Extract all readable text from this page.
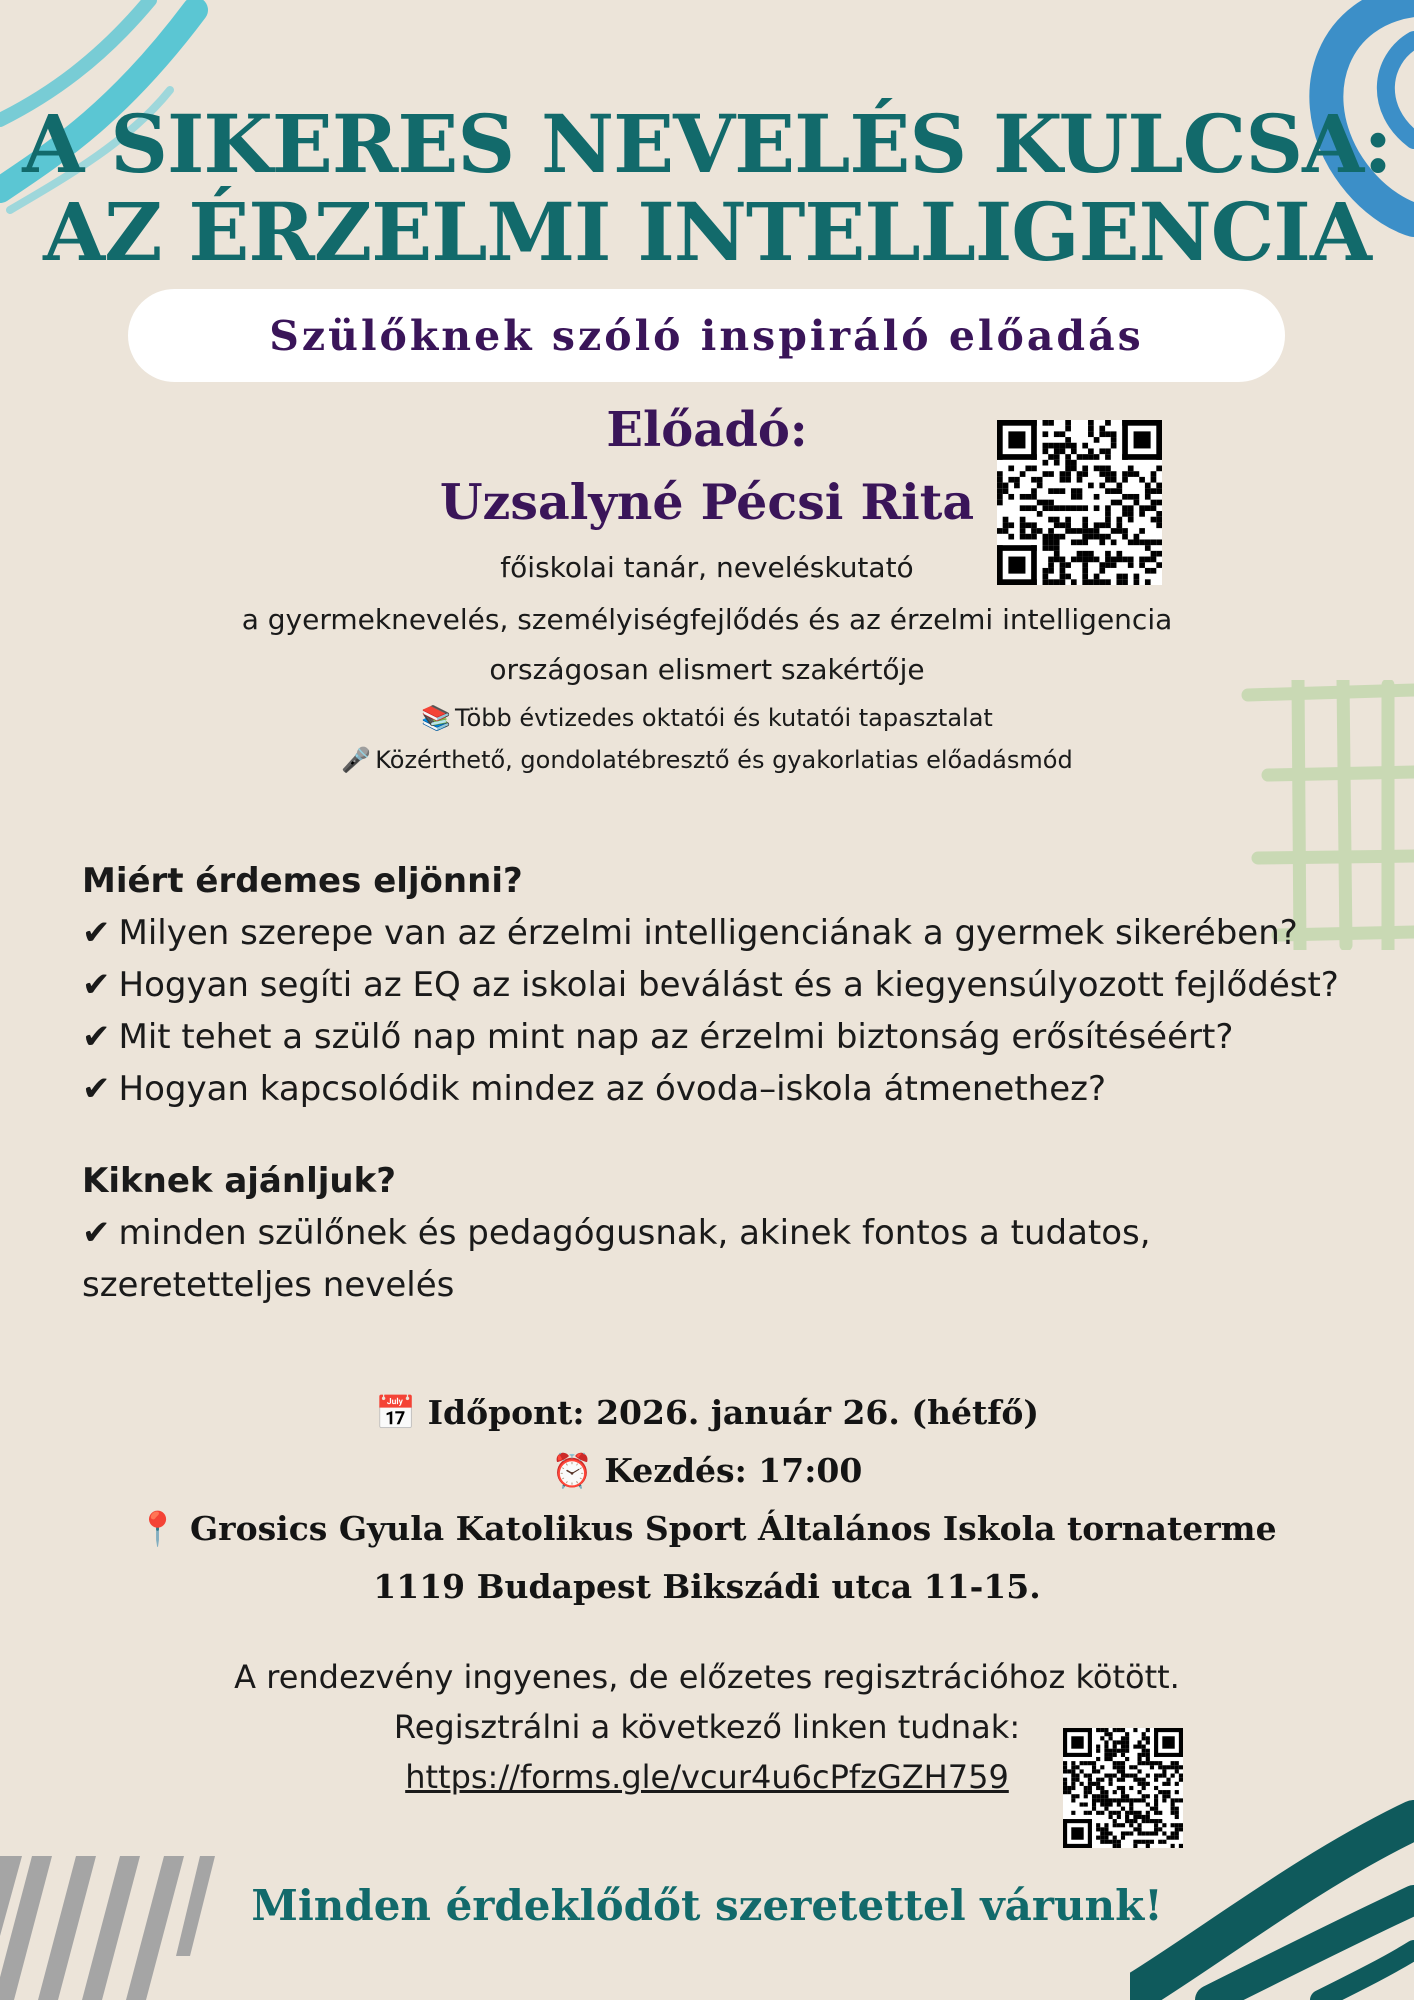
A SIKERES NEVELÉS KULCSA:
AZ ÉRZELMI INTELLIGENCIA
Szülőknek szóló inspiráló előadás
Előadó:
Uzsalyné Pécsi Rita
főiskolai tanár, neveléskutató
a gyermeknevelés, személyiségfejlődés és az érzelmi intelligencia
országosan elismert szakértője
📚 Több évtizedes oktatói és kutatói tapasztalat
🎤 Közérthető, gondolatébresztő és gyakorlatias előadásmód
Miért érdemes eljönni?
✔ Milyen szerepe van az érzelmi intelligenciának a gyermek sikerében?
✔ Hogyan segíti az EQ az iskolai beválást és a kiegyensúlyozott fejlődést?
✔ Mit tehet a szülő nap mint nap az érzelmi biztonság erősítéséért?
✔ Hogyan kapcsolódik mindez az óvoda–iskola átmenethez?
Kiknek ajánljuk?
✔ minden szülőnek és pedagógusnak, akinek fontos a tudatos,
szeretetteljes nevelés
📅 Időpont: 2026. január 26. (hétfő)
⏰ Kezdés: 17:00
📍 Grosics Gyula Katolikus Sport Általános Iskola tornaterme
1119 Budapest Bikszádi utca 11-15.
A rendezvény ingyenes, de előzetes regisztrációhoz kötött.
Regisztrálni a következő linken tudnak:
https://forms.gle/vcur4u6cPfzGZH759
Minden érdeklődőt szeretettel várunk!
